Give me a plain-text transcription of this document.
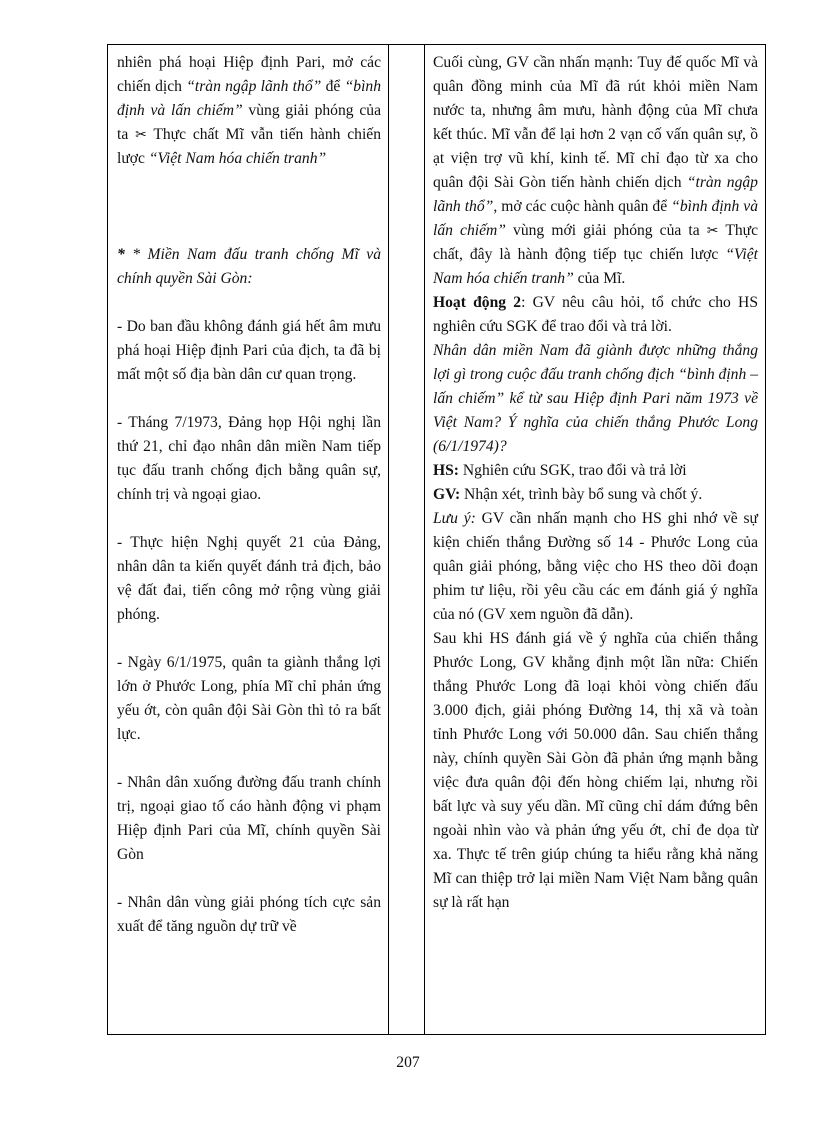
nhiên phá hoại Hiệp định Pari, mở các chiến dịch “tràn ngập lãnh thổ” để “bình định và lấn chiếm” vùng giải phóng của ta ✂ Thực chất Mĩ vẫn tiến hành chiến lược “Việt Nam hóa chiến tranh”

* * Miền Nam đấu tranh chống Mĩ và chính quyền Sài Gòn:

- Do ban đầu không đánh giá hết âm mưu phá hoại Hiệp định Pari của địch, ta đã bị mất một số địa bàn dân cư quan trọng.

- Tháng 7/1973, Đảng họp Hội nghị lần thứ 21, chỉ đạo nhân dân miền Nam tiếp tục đấu tranh chống địch bằng quân sự, chính trị và ngoại giao.

- Thực hiện Nghị quyết 21 của Đảng, nhân dân ta kiến quyết đánh trả địch, bảo vệ đất đai, tiến công mở rộng vùng giải phóng.

- Ngày 6/1/1975, quân ta giành thắng lợi lớn ở Phước Long, phía Mĩ chỉ phản ứng yếu ớt, còn quân đội Sài Gòn thì tỏ ra bất lực.

- Nhân dân xuống đường đấu tranh chính trị, ngoại giao tố cáo hành động vi phạm Hiệp định Pari của Mĩ, chính quyền Sài Gòn

- Nhân dân vùng giải phóng tích cực sản xuất để tăng nguồn dự trữ về

Cuối cùng, GV cần nhấn mạnh: Tuy đế quốc Mĩ và quân đồng minh của Mĩ đã rút khỏi miền Nam nước ta, nhưng âm mưu, hành động của Mĩ chưa kết thúc. Mĩ vẫn để lại hơn 2 vạn cố vấn quân sự, ồ ạt viện trợ vũ khí, kinh tế. Mĩ chỉ đạo từ xa cho quân đội Sài Gòn tiến hành chiến dịch “tràn ngập lãnh thổ”, mở các cuộc hành quân để “bình định và lấn chiếm” vùng mới giải phóng của ta ✂ Thực chất, đây là hành động tiếp tục chiến lược “Việt Nam hóa chiến tranh” của Mĩ.

Hoạt động 2: GV nêu câu hỏi, tổ chức cho HS nghiên cứu SGK để trao đổi và trả lời.

Nhân dân miền Nam đã giành được những thắng lợi gì trong cuộc đấu tranh chống địch “bình định – lấn chiếm” kể từ sau Hiệp định Pari năm 1973 về Việt Nam? Ý nghĩa của chiến thắng Phước Long (6/1/1974)?

HS: Nghiên cứu SGK, trao đổi và trả lời

GV: Nhận xét, trình bày bổ sung và chốt ý.

Lưu ý: GV cần nhấn mạnh cho HS ghi nhớ về sự kiện chiến thắng Đường số 14 - Phước Long của quân giải phóng, bằng việc cho HS theo dõi đoạn phim tư liệu, rồi yêu cầu các em đánh giá ý nghĩa của nó (GV xem nguồn đã dẫn).

Sau khi HS đánh giá về ý nghĩa của chiến thắng Phước Long, GV khẳng định một lần nữa: Chiến thắng Phước Long đã loại khỏi vòng chiến đấu 3.000 địch, giải phóng Đường 14, thị xã và toàn tỉnh Phước Long với 50.000 dân. Sau chiến thắng này, chính quyền Sài Gòn đã phản ứng mạnh bằng việc đưa quân đội đến hòng chiếm lại, nhưng rồi bất lực và suy yếu dần. Mĩ cũng chỉ dám đứng bên ngoài nhìn vào và phản ứng yếu ớt, chỉ đe dọa từ xa. Thực tế trên giúp chúng ta hiểu rằng khả năng Mĩ can thiệp trở lại miền Nam Việt Nam bằng quân sự là rất hạn

207
